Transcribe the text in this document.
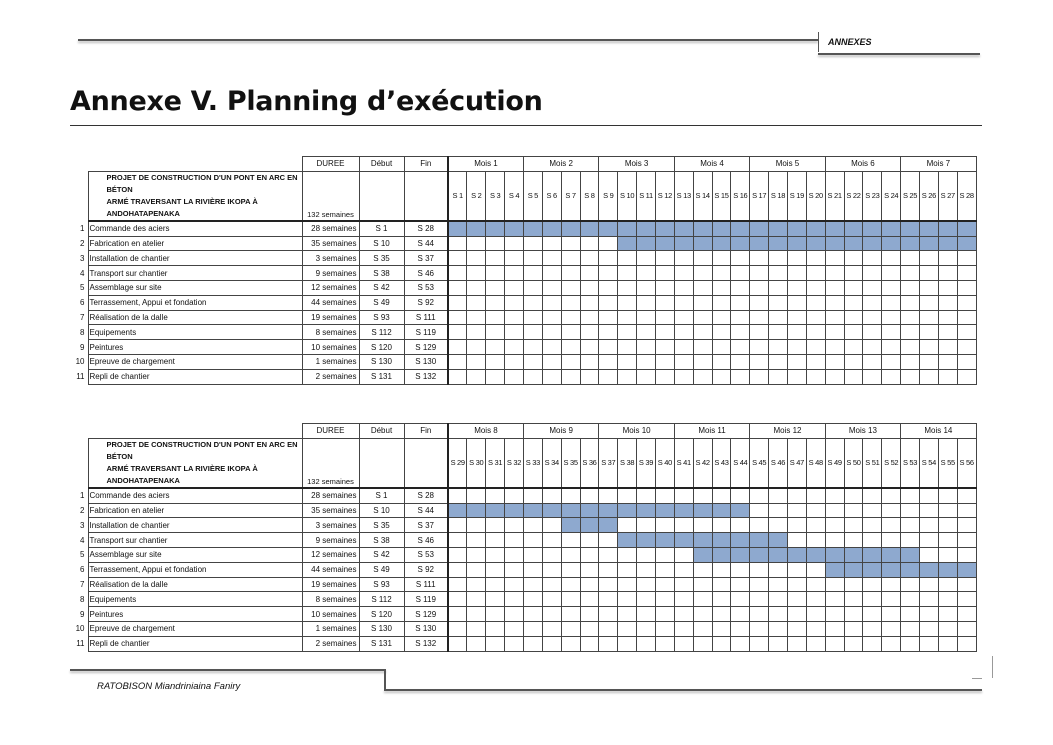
ANNEXES
Annexe V. Planning d’exécution
		DUREE	Début	Fin	Mois 1				Mois 2				Mois 3				Mois 4				Mois 5				Mois 6				Mois 7			

	PROJET DE CONSTRUCTION D'UN PONT EN ARC EN BÉTON
ARMÉ TRAVERSANT LA RIVIÈRE IKOPA À ANDOHATAPENAKA	132 semaines			S 1	S 2	S 3	S 4	S 5	S 6	S 7	S 8	S 9	S 10	S 11	S 12	S 13	S 14	S 15	S 16	S 17	S 18	S 19	S 20	S 21	S 22	S 23	S 24	S 25	S 26	S 27	S 28
1	Commande des aciers	28 semaines	S 1	S 28																												
2	Fabrication en atelier	35 semaines	S 10	S 44																												
3	Installation de chantier	3 semaines	S 35	S 37																												
4	Transport sur chantier	9 semaines	S 38	S 46																												
5	Assemblage sur site	12 semaines	S 42	S 53																												
6	Terrassement, Appui et fondation	44 semaines	S 49	S 92																												
7	Réalisation de la dalle	19 semaines	S 93	S 111																												
8	Equipements	8 semaines	S 112	S 119																												
9	Peintures	10 semaines	S 120	S 129																												
10	Epreuve de chargement	1 semaines	S 130	S 130																												
11	Repli de chantier	2 semaines	S 131	S 132																												
		DUREE	Début	Fin	Mois 8				Mois 9				Mois 10				Mois 11				Mois 12				Mois 13				Mois 14			

	PROJET DE CONSTRUCTION D'UN PONT EN ARC EN BÉTON
ARMÉ TRAVERSANT LA RIVIÈRE IKOPA À ANDOHATAPENAKA	132 semaines			S 29	S 30	S 31	S 32	S 33	S 34	S 35	S 36	S 37	S 38	S 39	S 40	S 41	S 42	S 43	S 44	S 45	S 46	S 47	S 48	S 49	S 50	S 51	S 52	S 53	S 54	S 55	S 56
1	Commande des aciers	28 semaines	S 1	S 28																												
2	Fabrication en atelier	35 semaines	S 10	S 44																												
3	Installation de chantier	3 semaines	S 35	S 37																												
4	Transport sur chantier	9 semaines	S 38	S 46																												
5	Assemblage sur site	12 semaines	S 42	S 53																												
6	Terrassement, Appui et fondation	44 semaines	S 49	S 92																												
7	Réalisation de la dalle	19 semaines	S 93	S 111																												
8	Equipements	8 semaines	S 112	S 119																												
9	Peintures	10 semaines	S 120	S 129																												
10	Epreuve de chargement	1 semaines	S 130	S 130																												
11	Repli de chantier	2 semaines	S 131	S 132																												
RATOBISON Miandriniaina Faniry
